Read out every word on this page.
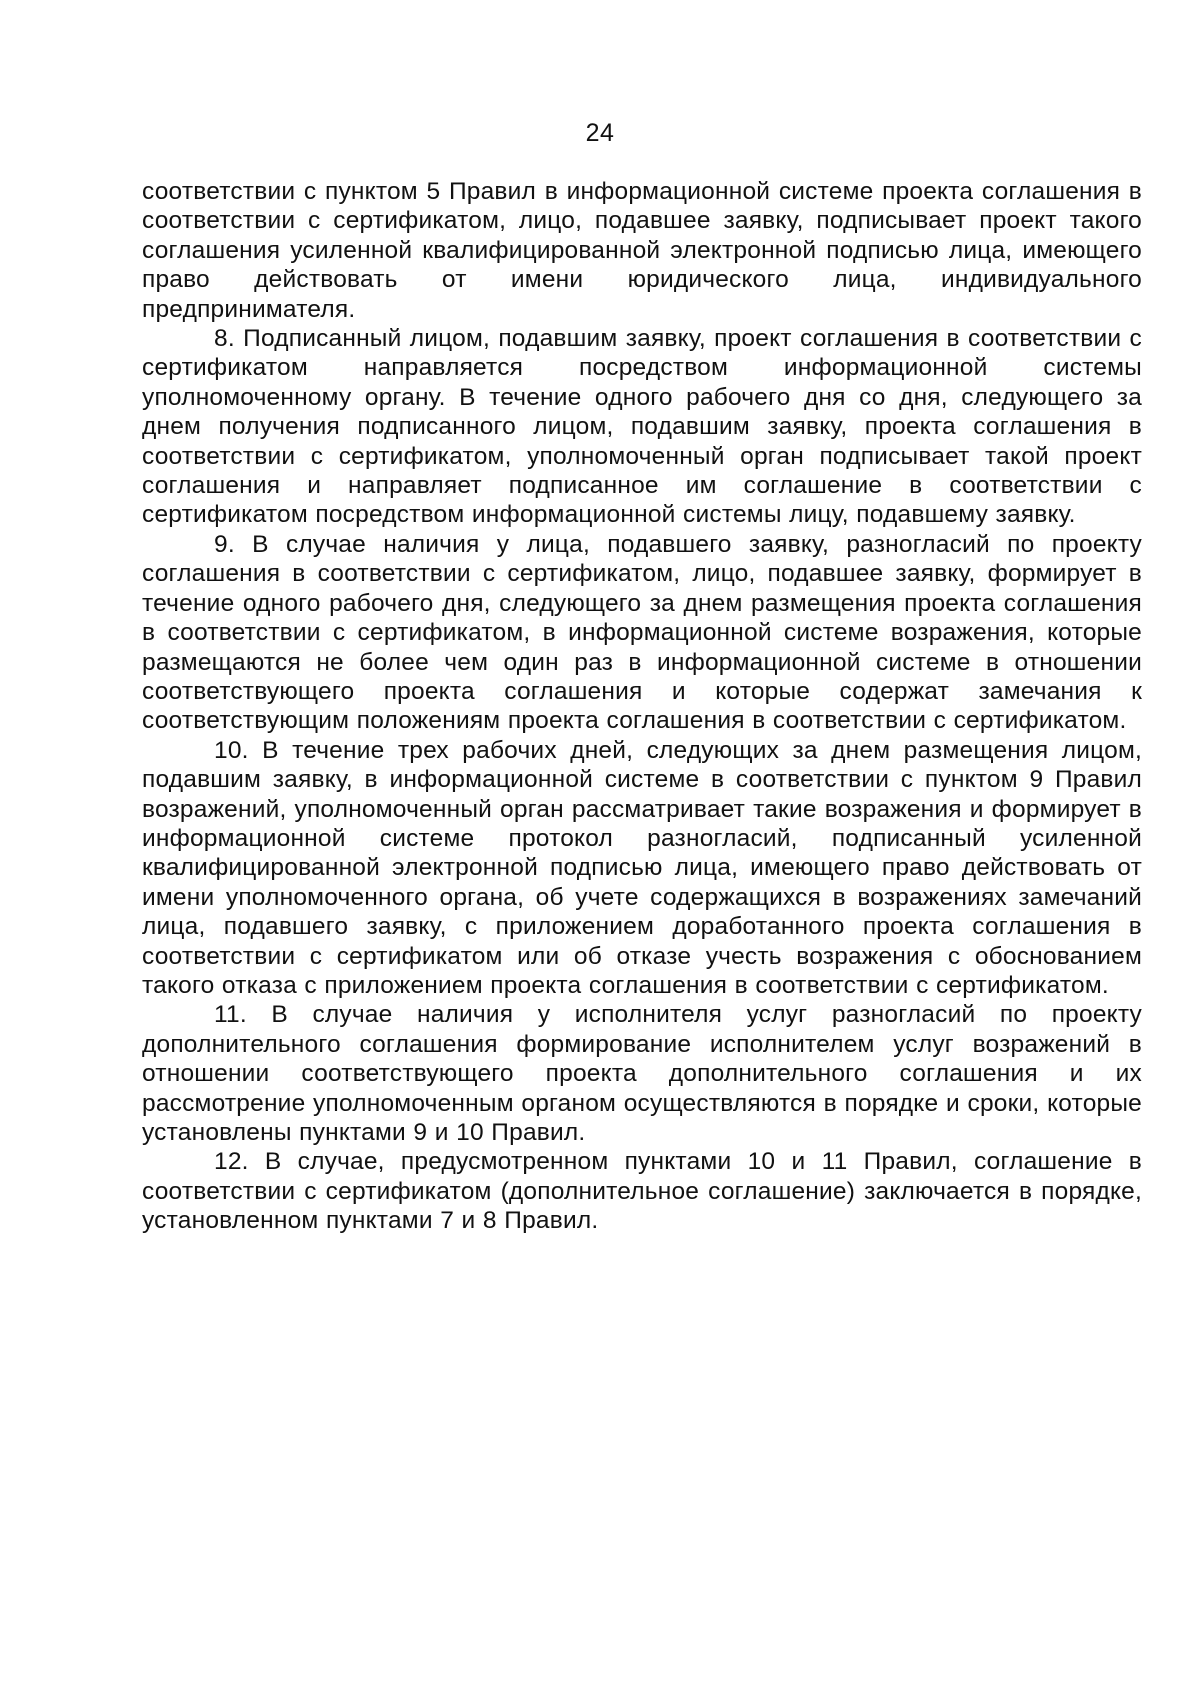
24

соответствии с пунктом 5 Правил в информационной системе проекта соглашения в соответствии с сертификатом, лицо, подавшее заявку, подписывает проект такого соглашения усиленной квалифицированной электронной подписью лица, имеющего право действовать от имени юридического лица, индивидуального предпринимателя.

8. Подписанный лицом, подавшим заявку, проект соглашения в соответствии с сертификатом направляется посредством информационной системы уполномоченному органу. В течение одного рабочего дня со дня, следующего за днем получения подписанного лицом, подавшим заявку, проекта соглашения в соответствии с сертификатом, уполномоченный орган подписывает такой проект соглашения и направляет подписанное им соглашение в соответствии с сертификатом посредством информационной системы лицу, подавшему заявку.

9. В случае наличия у лица, подавшего заявку, разногласий по проекту соглашения в соответствии с сертификатом, лицо, подавшее заявку, формирует в течение одного рабочего дня, следующего за днем размещения проекта соглашения в соответствии с сертификатом, в информационной системе возражения, которые размещаются не более чем один раз в информационной системе в отношении соответствующего проекта соглашения и которые содержат замечания к соответствующим положениям проекта соглашения в соответствии с сертификатом.

10. В течение трех рабочих дней, следующих за днем размещения лицом, подавшим заявку, в информационной системе в соответствии с пунктом 9 Правил возражений, уполномоченный орган рассматривает такие возражения и формирует в информационной системе протокол разногласий, подписанный усиленной квалифицированной электронной подписью лица, имеющего право действовать от имени уполномоченного органа, об учете содержащихся в возражениях замечаний лица, подавшего заявку, с приложением доработанного проекта соглашения в соответствии с сертификатом или об отказе учесть возражения с обоснованием такого отказа с приложением проекта соглашения в соответствии с сертификатом.

11. В случае наличия у исполнителя услуг разногласий по проекту дополнительного соглашения формирование исполнителем услуг возражений в отношении соответствующего проекта дополнительного соглашения и их рассмотрение уполномоченным органом осуществляются в порядке и сроки, которые установлены пунктами 9 и 10 Правил.

12. В случае, предусмотренном пунктами 10 и 11 Правил, соглашение в соответствии с сертификатом (дополнительное соглашение) заключается в порядке, установленном пунктами 7 и 8 Правил.
